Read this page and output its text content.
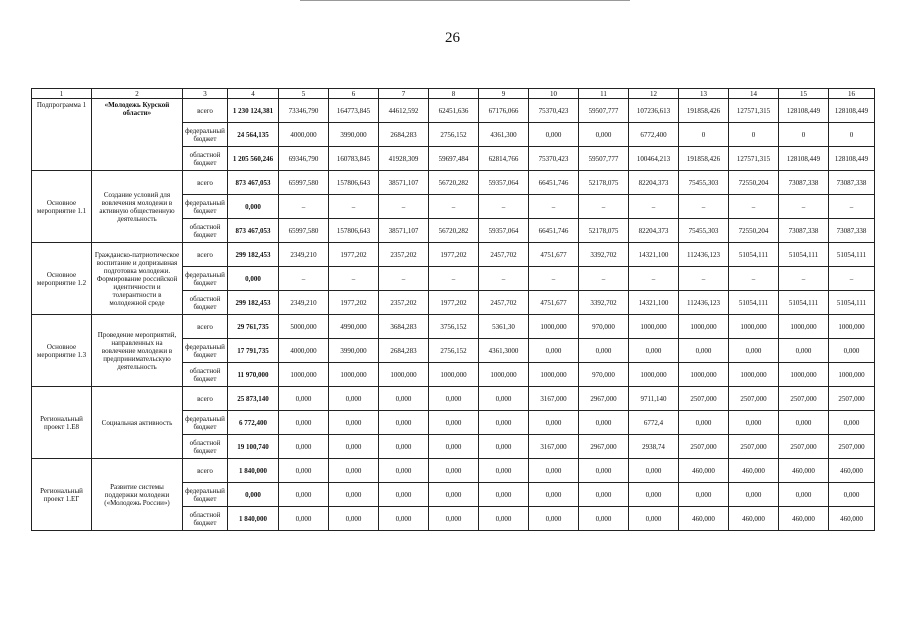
26
1	2	3	4	5	6	7	8	9	10	11	12	13	14	15	16
Подпрограмма 1	«Молодежь Курской области»	всего	1 230 124,381	73346,790	164773,845	44612,592	62451,636	67176,066	75370,423	59507,777	107236,613	191858,426	127571,315	128108,449	128108,449
		федеральный бюджет	24 564,135	4000,000	3990,000	2684,283	2756,152	4361,300	0,000	0,000	6772,400	0	0	0	0
		областной бюджет	1 205 560,246	69346,790	160783,845	41928,309	59697,484	62814,766	75370,423	59507,777	100464,213	191858,426	127571,315	128108,449	128108,449
Основное мероприятие 1.1	Создание условий для вовлечения молодежи в активную общественную деятельность	всего	873 467,053	65997,580	157806,643	38571,107	56720,282	59357,064	66451,746	52178,075	82204,373	75455,303	72550,204	73087,338	73087,338
		федеральный бюджет	0,000	–	–	–	–	–	–	–	–	–	–	–	–
		областной бюджет	873 467,053	65997,580	157806,643	38571,107	56720,282	59357,064	66451,746	52178,075	82204,373	75455,303	72550,204	73087,338	73087,338
Основное мероприятие 1.2	Гражданско-патриотическое воспитание и допризывная подготовка молодежи. Формирование российской идентичности и толерантности в молодежной среде	всего	299 182,453	2349,210	1977,202	2357,202	1977,202	2457,702	4751,677	3392,702	14321,100	112436,123	51054,111	51054,111	51054,111
		федеральный бюджет	0,000	–	–	–	–	–	–	–	–	–	–	–	–
		областной бюджет	299 182,453	2349,210	1977,202	2357,202	1977,202	2457,702	4751,677	3392,702	14321,100	112436,123	51054,111	51054,111	51054,111
Основное мероприятие 1.3	Проведение мероприятий, направленных на вовлечение молодежи в предпринимательскую деятельность	всего	29 761,735	5000,000	4990,000	3684,283	3756,152	5361,30	1000,000	970,000	1000,000	1000,000	1000,000	1000,000	1000,000
		федеральный бюджет	17 791,735	4000,000	3990,000	2684,283	2756,152	4361,3000	0,000	0,000	0,000	0,000	0,000	0,000	0,000
		областной бюджет	11 970,000	1000,000	1000,000	1000,000	1000,000	1000,000	1000,000	970,000	1000,000	1000,000	1000,000	1000,000	1000,000
Региональный проект 1.Е8	Социальная активность	всего	25 873,140	0,000	0,000	0,000	0,000	0,000	3167,000	2967,000	9711,140	2507,000	2507,000	2507,000	2507,000
		федеральный бюджет	6 772,400	0,000	0,000	0,000	0,000	0,000	0,000	0,000	6772,4	0,000	0,000	0,000	0,000
		областной бюджет	19 100,740	0,000	0,000	0,000	0,000	0,000	3167,000	2967,000	2938,74	2507,000	2507,000	2507,000	2507,000
Региональный проект 1.ЕГ	Развитие системы поддержки молодежи («Молодежь России»)	всего	1 840,000	0,000	0,000	0,000	0,000	0,000	0,000	0,000	0,000	460,000	460,000	460,000	460,000
		федеральный бюджет	0,000	0,000	0,000	0,000	0,000	0,000	0,000	0,000	0,000	0,000	0,000	0,000	0,000
		областной бюджет	1 840,000	0,000	0,000	0,000	0,000	0,000	0,000	0,000	0,000	460,000	460,000	460,000	460,000
